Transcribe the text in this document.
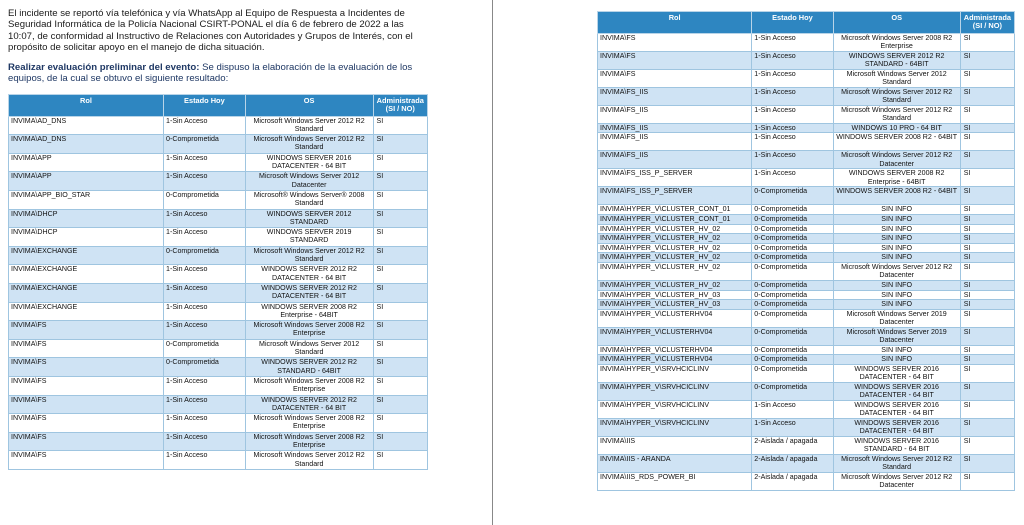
El incidente se reportó vía telefónica y vía WhatsApp al Equipo de Respuesta a Incidentes de Seguridad Informática de la Policía Nacional CSIRT-PONAL el día 6 de febrero de 2022 a las 10:07, de conformidad al Instructivo de Relaciones con Autoridades y Grupos de Interés, con el propósito de solicitar apoyo en el manejo de dicha situación.

Realizar evaluación preliminar del evento: Se dispuso la elaboración de la evaluación de los equipos, de la cual se obtuvo el siguiente resultado:

Rol	Estado Hoy	OS	Administrada (SI / NO)
INVIMA\AD_DNS	1-Sin Acceso	Microsoft Windows Server 2012 R2 Standard	SI
INVIMA\AD_DNS	0-Comprometida	Microsoft Windows Server 2012 R2 Standard	SI
INVIMA\APP	1-Sin Acceso	WINDOWS SERVER 2016 DATACENTER - 64 BIT	SI
INVIMA\APP	1-Sin Acceso	Microsoft Windows Server 2012 Datacenter	SI
INVIMA\APP_BIO_STAR	0-Comprometida	Microsoft® Windows Server® 2008 Standard	SI
INVIMA\DHCP	1-Sin Acceso	WINDOWS SERVER 2012 STANDARD	SI
INVIMA\DHCP	1-Sin Acceso	WINDOWS SERVER 2019 STANDARD	SI
INVIMA\EXCHANGE	0-Comprometida	Microsoft Windows Server 2012 R2 Standard	SI
INVIMA\EXCHANGE	1-Sin Acceso	WINDOWS SERVER 2012 R2 DATACENTER - 64 BIT	SI
INVIMA\EXCHANGE	1-Sin Acceso	WINDOWS SERVER 2012 R2 DATACENTER - 64 BIT	SI
INVIMA\EXCHANGE	1-Sin Acceso	WINDOWS SERVER 2008 R2 Enterprise - 64BIT	SI
INVIMA\FS	1-Sin Acceso	Microsoft Windows Server 2008 R2 Enterprise	SI
INVIMA\FS	0-Comprometida	Microsoft Windows Server 2012 Standard	SI
INVIMA\FS	0-Comprometida	WINDOWS SERVER 2012 R2 STANDARD - 64BIT	SI
INVIMA\FS	1-Sin Acceso	Microsoft Windows Server 2008 R2 Enterprise	SI
INVIMA\FS	1-Sin Acceso	WINDOWS SERVER 2012 R2 DATACENTER - 64 BIT	SI
INVIMA\FS	1-Sin Acceso	Microsoft Windows Server 2008 R2 Enterprise	SI
INVIMA\FS	1-Sin Acceso	Microsoft Windows Server 2008 R2 Enterprise	SI
INVIMA\FS	1-Sin Acceso	Microsoft Windows Server 2012 R2 Standard	SI
Rol	Estado Hoy	OS	Administrada (SI / NO)
INVIMA\FS	1-Sin Acceso	Microsoft Windows Server 2008 R2 Enterprise	SI
INVIMA\FS	1-Sin Acceso	WINDOWS SERVER 2012 R2 STANDARD - 64BIT	SI
INVIMA\FS	1-Sin Acceso	Microsoft Windows Server 2012 Standard	SI
INVIMA\FS_IIS	1-Sin Acceso	Microsoft Windows Server 2012 R2 Standard	SI
INVIMA\FS_IIS	1-Sin Acceso	Microsoft Windows Server 2012 R2 Standard	SI
INVIMA\FS_IIS	1-Sin Acceso	WINDOWS 10 PRO - 64 BIT	SI
INVIMA\FS_IIS	1-Sin Acceso	WINDOWS SERVER 2008 R2 - 64BIT	SI
INVIMA\FS_IIS	1-Sin Acceso	Microsoft Windows Server 2012 R2 Datacenter	SI
INVIMA\FS_ISS_P_SERVER	1-Sin Acceso	WINDOWS SERVER 2008 R2 Enterprise - 64BIT	SI
INVIMA\FS_ISS_P_SERVER	0-Comprometida	WINDOWS SERVER 2008 R2 - 64BIT	SI
INVIMA\HYPER_V\CLUSTER_CONT_01	0-Comprometida	SIN INFO	SI
INVIMA\HYPER_V\CLUSTER_CONT_01	0-Comprometida	SIN INFO	SI
INVIMA\HYPER_V\CLUSTER_HV_02	0-Comprometida	SIN INFO	SI
INVIMA\HYPER_V\CLUSTER_HV_02	0-Comprometida	SIN INFO	SI
INVIMA\HYPER_V\CLUSTER_HV_02	0-Comprometida	SIN INFO	SI
INVIMA\HYPER_V\CLUSTER_HV_02	0-Comprometida	SIN INFO	SI
INVIMA\HYPER_V\CLUSTER_HV_02	0-Comprometida	Microsoft Windows Server 2012 R2 Datacenter	SI
INVIMA\HYPER_V\CLUSTER_HV_02	0-Comprometida	SIN INFO	SI
INVIMA\HYPER_V\CLUSTER_HV_03	0-Comprometida	SIN INFO	SI
INVIMA\HYPER_V\CLUSTER_HV_03	0-Comprometida	SIN INFO	SI
INVIMA\HYPER_V\CLUSTERHV04	0-Comprometida	Microsoft Windows Server 2019 Datacenter	SI
INVIMA\HYPER_V\CLUSTERHV04	0-Comprometida	Microsoft Windows Server 2019 Datacenter	SI
INVIMA\HYPER_V\CLUSTERHV04	0-Comprometida	SIN INFO	SI
INVIMA\HYPER_V\CLUSTERHV04	0-Comprometida	SIN INFO	SI
INVIMA\HYPER_V\SRVHCICLINV	0-Comprometida	WINDOWS SERVER 2016 DATACENTER - 64 BIT	SI
INVIMA\HYPER_V\SRVHCICLINV	0-Comprometida	WINDOWS SERVER 2016 DATACENTER - 64 BIT	SI
INVIMA\HYPER_V\SRVHCICLINV	1-Sin Acceso	WINDOWS SERVER 2016 DATACENTER - 64 BIT	SI
INVIMA\HYPER_V\SRVHCICLINV	1-Sin Acceso	WINDOWS SERVER 2016 DATACENTER - 64 BIT	SI
INVIMA\IIS	2-Aislada / apagada	WINDOWS SERVER 2016 STANDARD - 64 BIT	SI
INVIMA\IIS - ARANDA	2-Aislada / apagada	Microsoft Windows Server 2012 R2 Standard	SI
INVIMA\IIS_RDS_POWER_BI	2-Aislada / apagada	Microsoft Windows Server 2012 R2 Datacenter	SI
